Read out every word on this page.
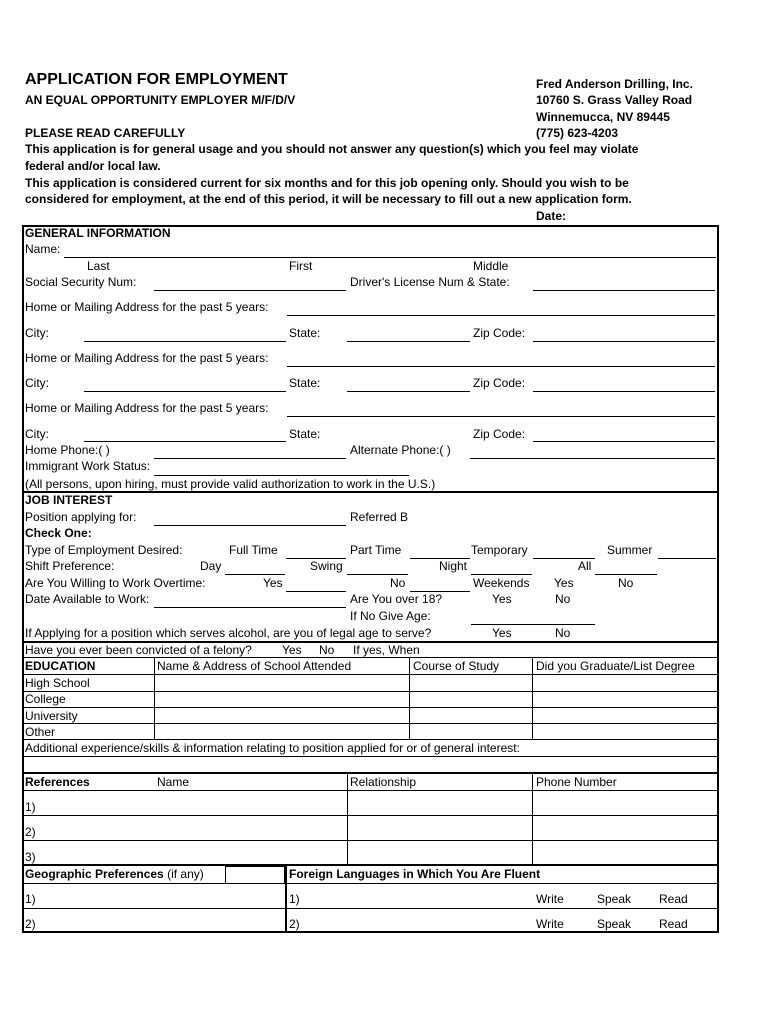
APPLICATION FOR EMPLOYMENT
AN EQUAL OPPORTUNITY EMPLOYER M/F/D/V
Fred Anderson Drilling, Inc.
10760 S. Grass Valley Road
Winnemucca, NV 89445
(775) 623-4203
PLEASE READ CAREFULLY
This application is for general usage and you should not answer any question(s) which you feel may violate
federal and/or local law.
This application is considered current for six months and for this job opening only. Should you wish to be
considered for employment, at the end of this period, it will be necessary to fill out a new application form.
Date:
GENERAL INFORMATION
Name:
Last	First	Middle
Social Security Num:	Driver's License Num & State:
Home or Mailing Address for the past 5 years:
City:	State:	Zip Code:
Home or Mailing Address for the past 5 years:
City:	State:	Zip Code:
Home or Mailing Address for the past 5 years:
City:	State:	Zip Code:
Home Phone:( )	Alternate Phone:( )
Immigrant Work Status:
(All persons, upon hiring, must provide valid authorization to work in the U.S.)
JOB INTEREST
Position applying for:	Referred B
Check One:
Type of Employment Desired:	Full Time	Part Time	Temporary	Summer
Shift Preference:	Day	Swing	Night	All
Are You Willing to Work Overtime:	Yes	No	Weekends Yes	No
Date Available to Work:	Are You over 18?	Yes	No
If No Give Age:
If Applying for a position which serves alcohol, are you of legal age to serve?	Yes	No
Have you ever been convicted of a felony?	Yes No If yes, When
EDUCATION	Name & Address of School Attended	Course of Study	Did you Graduate/List Degree
High School
College
University
Other
Additional experience/skills & information relating to position applied for or of general interest:
References	Name	Relationship	Phone Number
1)
2)
3)
Geographic Preferences (if any)	Foreign Languages in Which You Are Fluent
1)	1)	Write	Speak Read
2)	2)	Write	Speak Read
